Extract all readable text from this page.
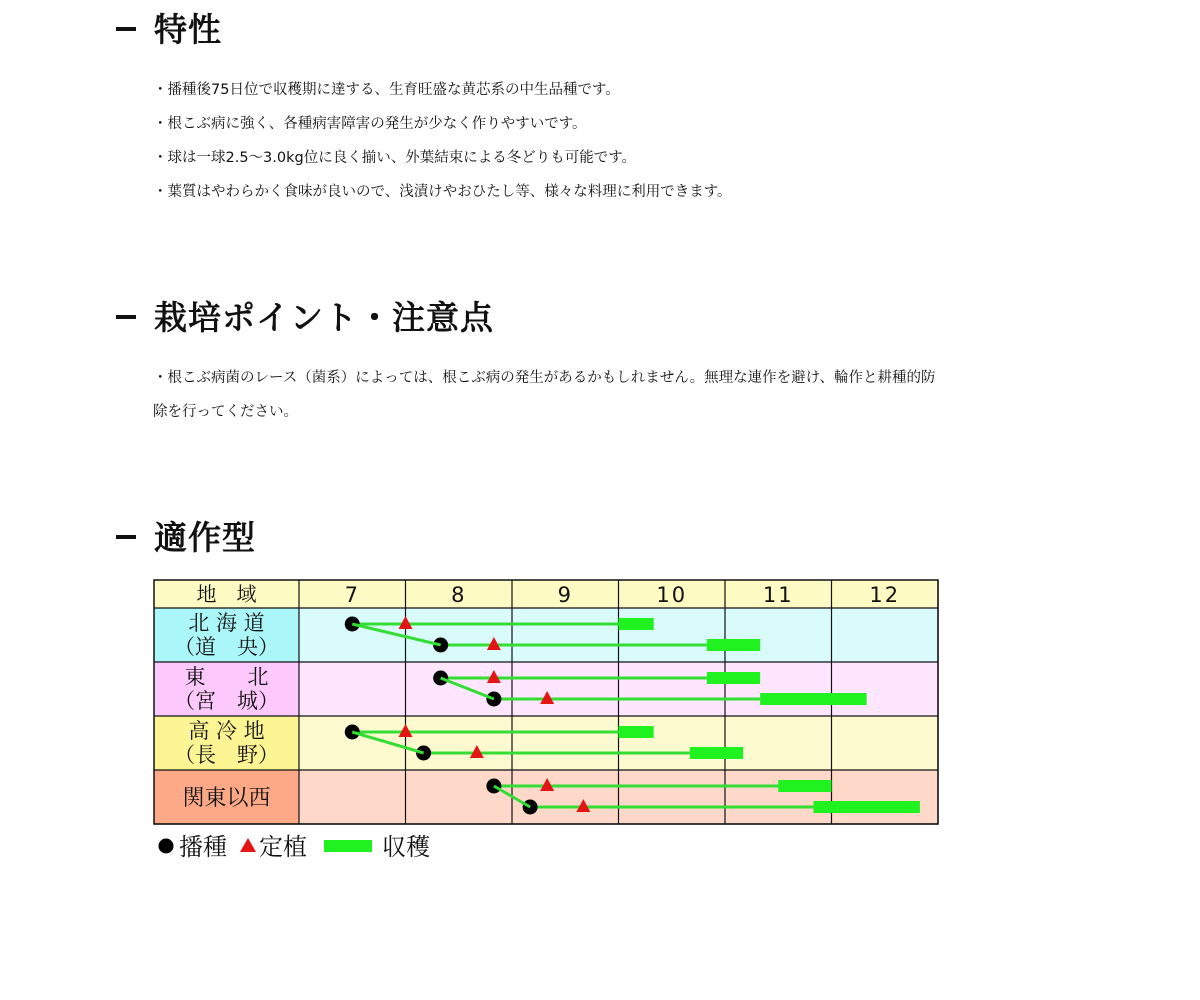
特性
・播種後75日位で収穫期に達する、生育旺盛な黄芯系の中生品種です。
・根こぶ病に強く、各種病害障害の発生が少なく作りやすいです。
・球は一球2.5〜3.0kg位に良く揃い、外葉結束による冬どりも可能です。
・葉質はやわらかく食味が良いので、浅漬けやおひたし等、様々な料理に利用できます。
栽培ポイント・注意点

・根こぶ病菌のレース（菌系）によっては、根こぶ病の発生があるかもしれません。無理な連作を避け、輪作と耕種的防除を行ってください。

適作型
地　域	7	8	9	10	11	12
北 海 道
（道　央）
東　　北
（宮　城）
高 冷 地
（長　野）
関東以西
播種 定植	収穫
